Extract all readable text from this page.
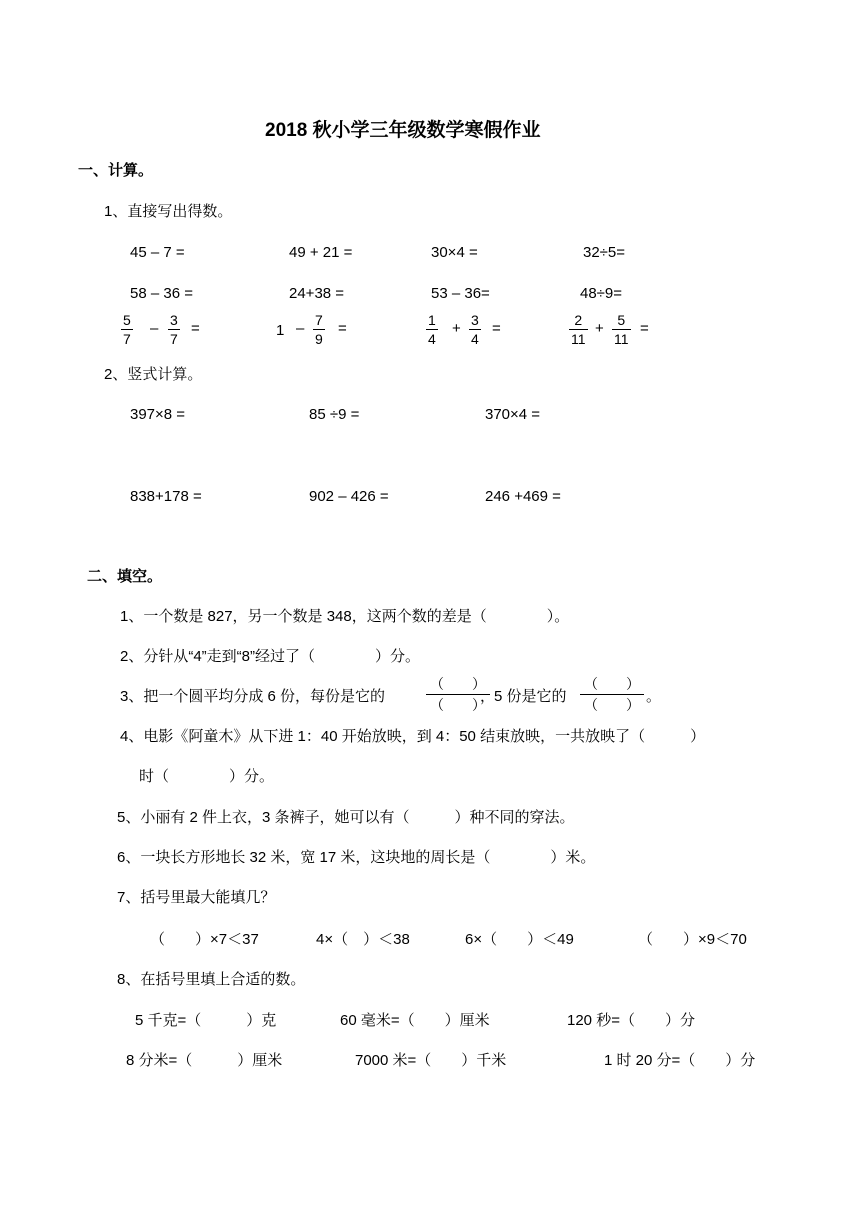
2018 秋小学三年级数学寒假作业
一、计算。
1、直接写出得数。
45 – 7 =	49 + 21 =	30×4 =	32÷5=
58 – 36 =	24+38 =	53 – 36=	48÷9=
$\frac{5}{7} - \frac{3}{7}$ =	$1 - \frac{7}{9}$ =	$\frac{1}{4} + \frac{3}{4}$ =	$\frac{2}{11} + \frac{5}{11}$ =
2、竖式计算。
397×8 =	85 ÷9 =	370×4 =
838+178 =	902 – 426 =	246 +469 =
二、填空。
1、一个数是 827，另一个数是 348，这两个数的差是（　　　　）。
2、分针从“4”走到“8”经过了（　　　　）分。
3、把一个圆平均分成 6 份，每份是它的
（　　）
（　　）
，
5 份是它的
（　　）
（　　） 。
4、电影《阿童木》从下进 1：40 开始放映，到 4：50 结束放映，一共放映了（　　　）
时（　　　　）分。
5、小丽有 2 件上衣，3 条裤子，她可以有（　　　）种不同的穿法。
6、一块长方形地长 32 米，宽 17 米，这块地的周长是（　　　　）米。
7、括号里最大能填几？
（　　）×7＜37	4×（　）＜38	6×（　　）＜49	（　　）×9＜70
8、在括号里填上合适的数。
5 千克=（　　　）克	60 毫米=（　　）厘米	120 秒=（　　）分
8 分米=（　　　）厘米	7000 米=（　　）千米	1 时 20 分=（　　）分
